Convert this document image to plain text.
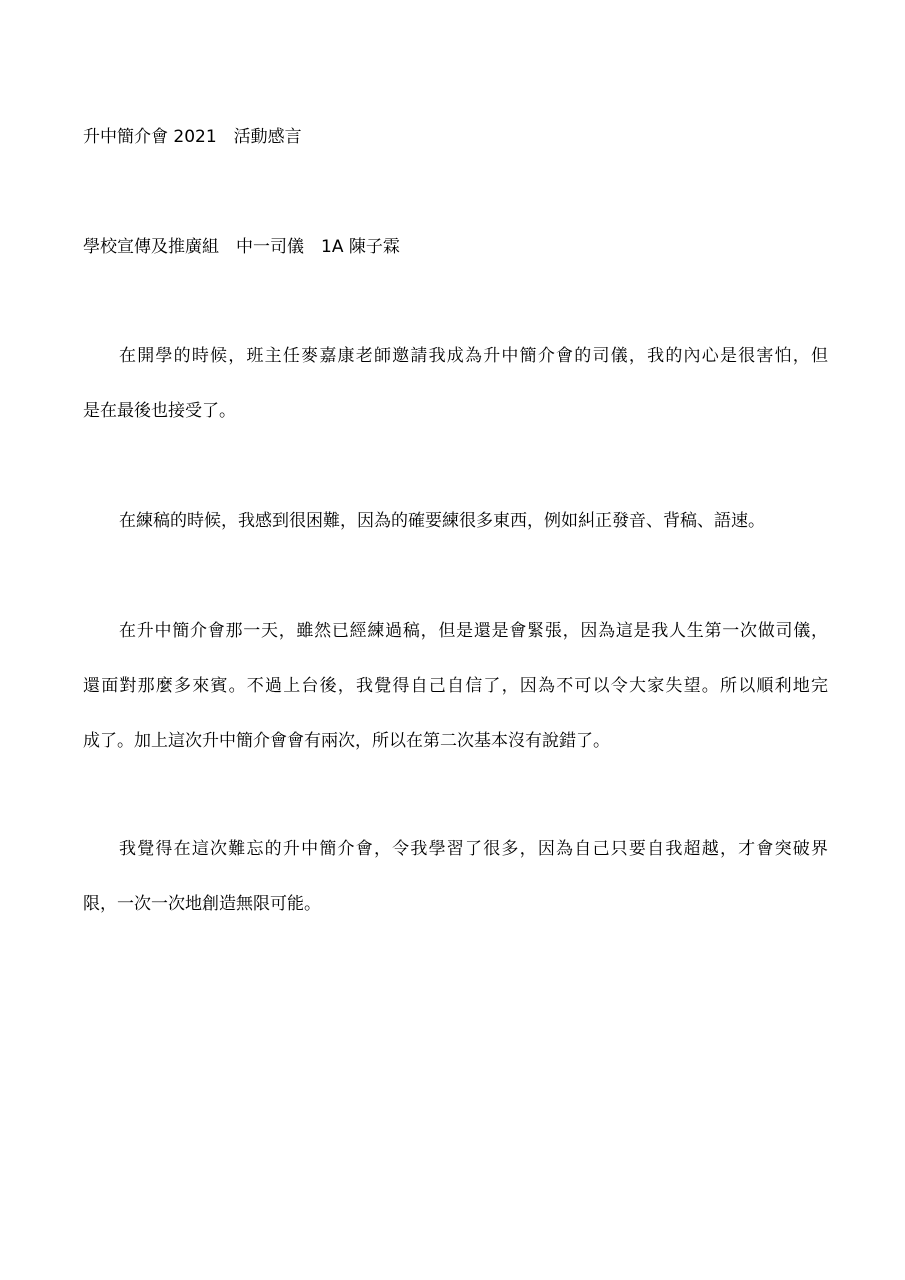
升中簡介會 2021　活動感言
學校宣傳及推廣組　中一司儀　1A 陳子霖
在開學的時候，班主任麥嘉康老師邀請我成為升中簡介會的司儀，我的內心是很害怕，但
是在最後也接受了。
在練稿的時候，我感到很困難，因為的確要練很多東西，例如糾正發音、背稿、語速。
在升中簡介會那一天，雖然已經練過稿，但是還是會緊張，因為這是我人生第一次做司儀，
還面對那麼多來賓。不過上台後，我覺得自己自信了，因為不可以令大家失望。所以順利地完
成了。加上這次升中簡介會會有兩次，所以在第二次基本沒有說錯了。
我覺得在這次難忘的升中簡介會，令我學習了很多，因為自己只要自我超越，才會突破界
限，一次一次地創造無限可能。
